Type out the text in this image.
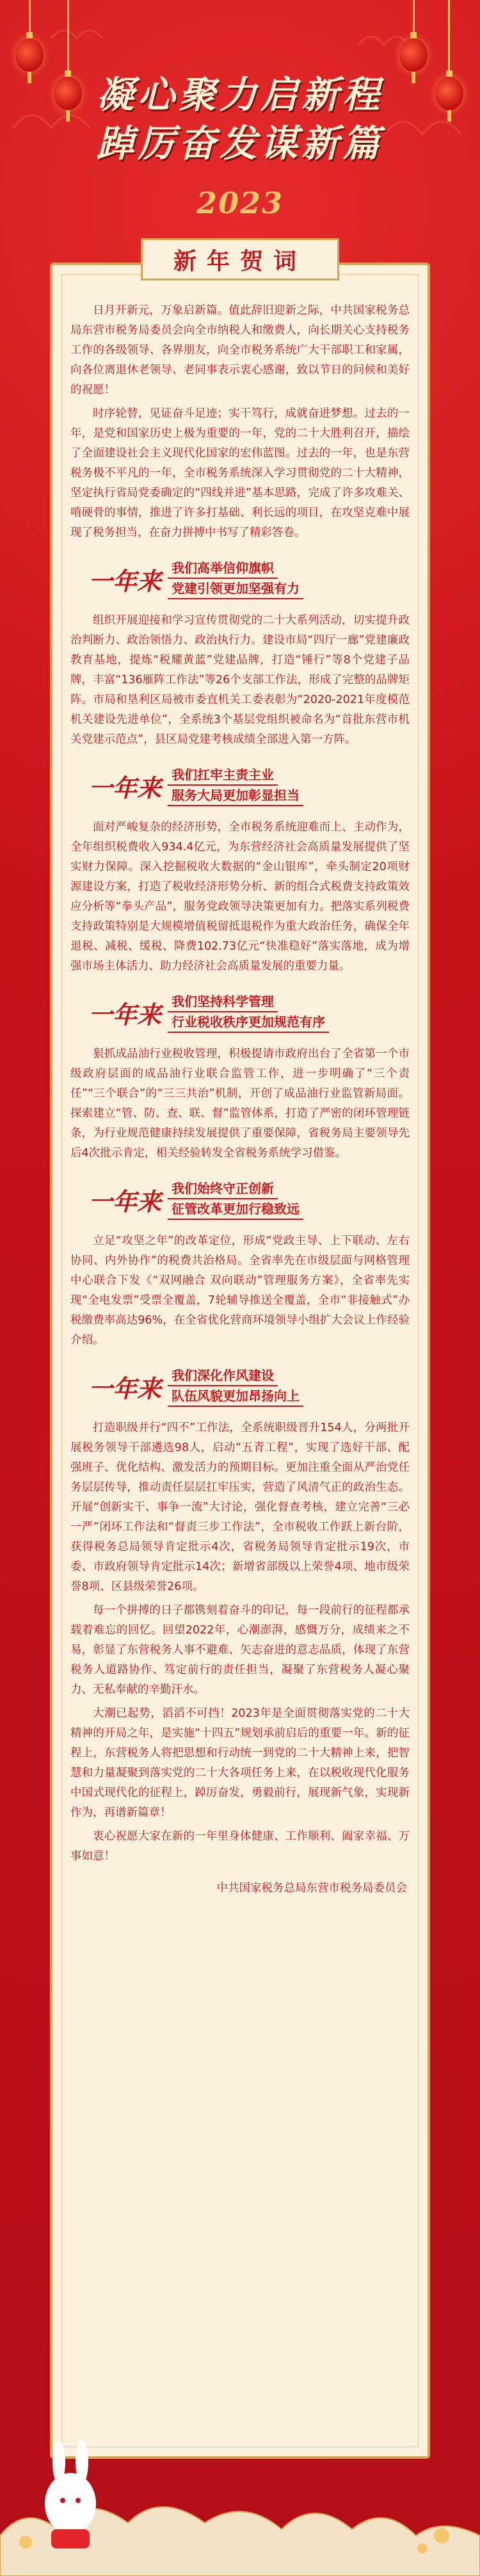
凝心聚力启新程
踔厉奋发谋新篇
2023
新年贺词

日月开新元，万象启新篇。值此辞旧迎新之际，中共国家税务总局东营市税务局委员会向全市纳税人和缴费人，向长期关心支持税务工作的各级领导、各界朋友，向全市税务系统广大干部职工和家属，向各位离退休老领导、老同事表示衷心感谢，致以节日的问候和美好的祝愿！

时序轮替，见证奋斗足迹；实干笃行，成就奋进梦想。过去的一年，是党和国家历史上极为重要的一年，党的二十大胜利召开，描绘了全面建设社会主义现代化国家的宏伟蓝图。过去的一年，也是东营税务极不平凡的一年，全市税务系统深入学习贯彻党的二十大精神，坚定执行省局党委确定的“四线并进”基本思路，完成了许多攻难关、啃硬骨的事情，推进了许多打基础、利长远的项目，在攻坚克难中展现了税务担当，在奋力拼搏中书写了精彩答卷。

一年来 我们高举信仰旗帜
党建引领更加坚强有力

组织开展迎接和学习宣传贯彻党的二十大系列活动，切实提升政治判断力、政治领悟力、政治执行力。建设市局“四厅一廊”党建廉政教育基地，提炼“税耀黄蓝”党建品牌，打造“锤行”等8个党建子品牌，丰富“136雁阵工作法”等26个支部工作法，形成了完整的品牌矩阵。市局和垦利区局被市委直机关工委表彰为“2020-2021年度模范机关建设先进单位”，全系统3个基层党组织被命名为“首批东营市机关党建示范点”，县区局党建考核成绩全部进入第一方阵。

一年来 我们扛牢主责主业
服务大局更加彰显担当

面对严峻复杂的经济形势，全市税务系统迎难而上、主动作为，全年组织税费收入934.4亿元，为东营经济社会高质量发展提供了坚实财力保障。深入挖掘税收大数据的“金山银库”，牵头制定20项财源建设方案，打造了税收经济形势分析、新的组合式税费支持政策效应分析等“拳头产品”，服务党政领导决策更加有力。把落实系列税费支持政策特别是大规模增值税留抵退税作为重大政治任务，确保全年退税、减税、缓税、降费102.73亿元“快准稳好”落实落地，成为增强市场主体活力、助力经济社会高质量发展的重要力量。

一年来 我们坚持科学管理
行业税收秩序更加规范有序

狠抓成品油行业税收管理，积极提请市政府出台了全省第一个市级政府层面的成品油行业联合监管工作，进一步明确了“三个责任”“三个联合”的“三三共治”机制，开创了成品油行业监管新局面。探索建立“管、防、查、联、督”监管体系，打造了严密的闭环管理链条，为行业规范健康持续发展提供了重要保障，省税务局主要领导先后4次批示肯定，相关经验转发全省税务系统学习借鉴。

一年来 我们始终守正创新
征管改革更加行稳致远

立足“攻坚之年”的改革定位，形成“党政主导、上下联动、左右协同、内外协作”的税费共治格局。全省率先在市级层面与网格管理中心联合下发《“双网融合 双向联动”管理服务方案》，全省率先实现“全电发票”受票全覆盖，7轮辅导推送全覆盖，全市“非接触式”办税缴费率高达96%，在全省优化营商环境领导小组扩大会议上作经验介绍。

一年来 我们深化作风建设
队伍风貌更加昂扬向上

打造职级并行“四不”工作法，全系统职级晋升154人，分两批开展税务领导干部遴选98人，启动“五青工程”，实现了选好干部、配强班子、优化结构、激发活力的预期目标。更加注重全面从严治党任务层层传导，推动责任层层扛牢压实，营造了风清气正的政治生态。开展“创新实干、事争一流”大讨论，强化督查考核，建立完善“三必一严”闭环工作法和“督责三步工作法”，全市税收工作跃上新台阶，获得税务总局领导肯定批示4次，省税务局领导肯定批示19次，市委、市政府领导肯定批示14次；新增省部级以上荣誉4项、地市级荣誉8项、区县级荣誉26项。

每一个拼搏的日子都镌刻着奋斗的印记，每一段前行的征程都承载着难忘的回忆。回望2022年，心潮澎湃，感慨万分，成绩来之不易，彰显了东营税务人事不避难、矢志奋进的意志品质，体现了东营税务人道路协作、笃定前行的责任担当，凝聚了东营税务人凝心聚力、无私奉献的辛勤汗水。

大潮已起势，滔滔不可挡！2023年是全面贯彻落实党的二十大精神的开局之年，是实施“十四五”规划承前启后的重要一年。新的征程上，东营税务人将把思想和行动统一到党的二十大精神上来，把智慧和力量凝聚到落实党的二十大各项任务上来，在以税收现代化服务中国式现代化的征程上，踔厉奋发，勇毅前行，展现新气象，实现新作为，再谱新篇章！

衷心祝愿大家在新的一年里身体健康、工作顺利、阖家幸福、万事如意！

中共国家税务总局东营市税务局委员会
